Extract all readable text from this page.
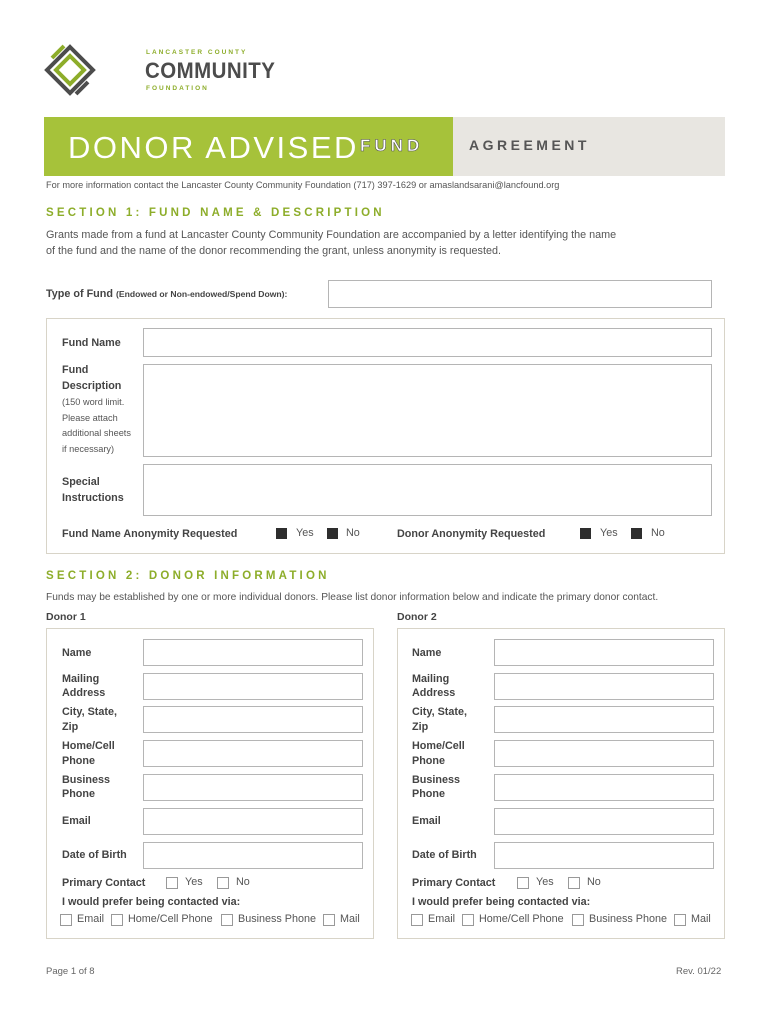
LANCASTER COUNTY
COMMUNITY
FOUNDATION
DONOR ADVISED FUND	AGREEMENT
For more information contact the Lancaster County Community Foundation (717) 397-1629 or amaslandsarani@lancfound.org
SECTION 1: FUND NAME & DESCRIPTION
Grants made from a fund at Lancaster County Community Foundation are accompanied by a letter identifying the name
of the fund and the name of the donor recommending the grant, unless anonymity is requested.
Type of Fund (Endowed or Non-endowed/Spend Down):
Fund Name
Fund
Description
(150 word limit.
Please attach
additional sheets
if necessary)
Special
Instructions
Fund Name Anonymity Requested	Yes	No	Donor Anonymity Requested	Yes	No
SECTION 2: DONOR INFORMATION
Funds may be established by one or more individual donors. Please list donor information below and indicate the primary donor contact.
Donor 1	Donor 2
Name
Mailing
Address
City, State,
Zip
Home/Cell
Phone
Business
Phone
Email
Date of Birth
Primary Contact	Yes	No
I would prefer being contacted via:
Email Home/Cell Phone Business Phone Mail
Name
Mailing
Address
City, State,
Zip
Home/Cell
Phone
Business
Phone
Email
Date of Birth
Primary Contact	Yes	No
I would prefer being contacted via:
Email Home/Cell Phone Business Phone Mail
Page 1 of 8	Rev. 01/22
